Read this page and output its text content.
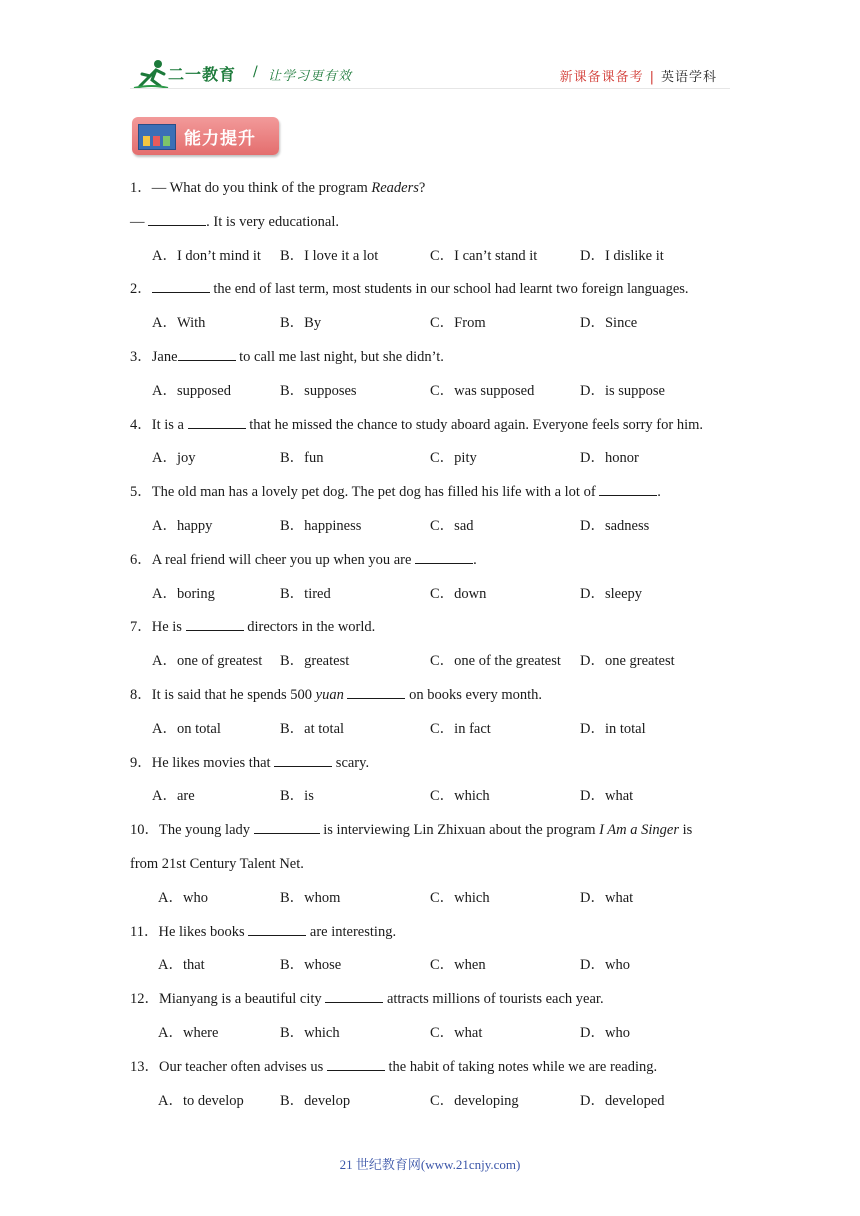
二一教育 / 让学习更有效	新课备课备考 | 英语学科
能力提升
1．— What do you think of the program Readers?
—	. It is very educational.
A．I don’t mind it B．I love it a lot	C．I can’t stand it	D．I dislike it
2．	the end of last term, most students in our school had learnt two foreign languages.
A．With	B．By	C．From	D．Since
3．Jane	to call me last night, but she didn’t.
A．supposed	B．supposes	C．was supposed	D．is suppose
4．It is a	that he missed the chance to study aboard again. Everyone feels sorry for him.
A．joy	B．fun	C．pity	D．honor
5．The old man has a lovely pet dog. The pet dog has filled his life with a lot of	.
A．happy	B．happiness	C．sad	D．sadness
6．A real friend will cheer you up when you are	.
A．boring	B．tired	C．down	D．sleepy
7．He is	directors in the world.
A．one of greatest B．greatest	C．one of the greatest D．one greatest
8．It is said that he spends 500 yuan	on books every month.
A．on total	B．at total	C．in fact	D．in total
9．He likes movies that	scary.
A．are	B．is	C．which	D．what
10．The young lady	is interviewing Lin Zhixuan about the program I Am a Singer is
from 21st Century Talent Net.
A．who	B．whom	C．which	D．what
11．He likes books	are interesting.
A．that	B．whose	C．when	D．who
12．Mianyang is a beautiful city	attracts millions of tourists each year.
A．where	B．which	C．what	D．who
13．Our teacher often advises us	the habit of taking notes while we are reading.
A．to develop B．develop	C．developing	D．developed
21 世纪教育网(www.21cnjy.com)
